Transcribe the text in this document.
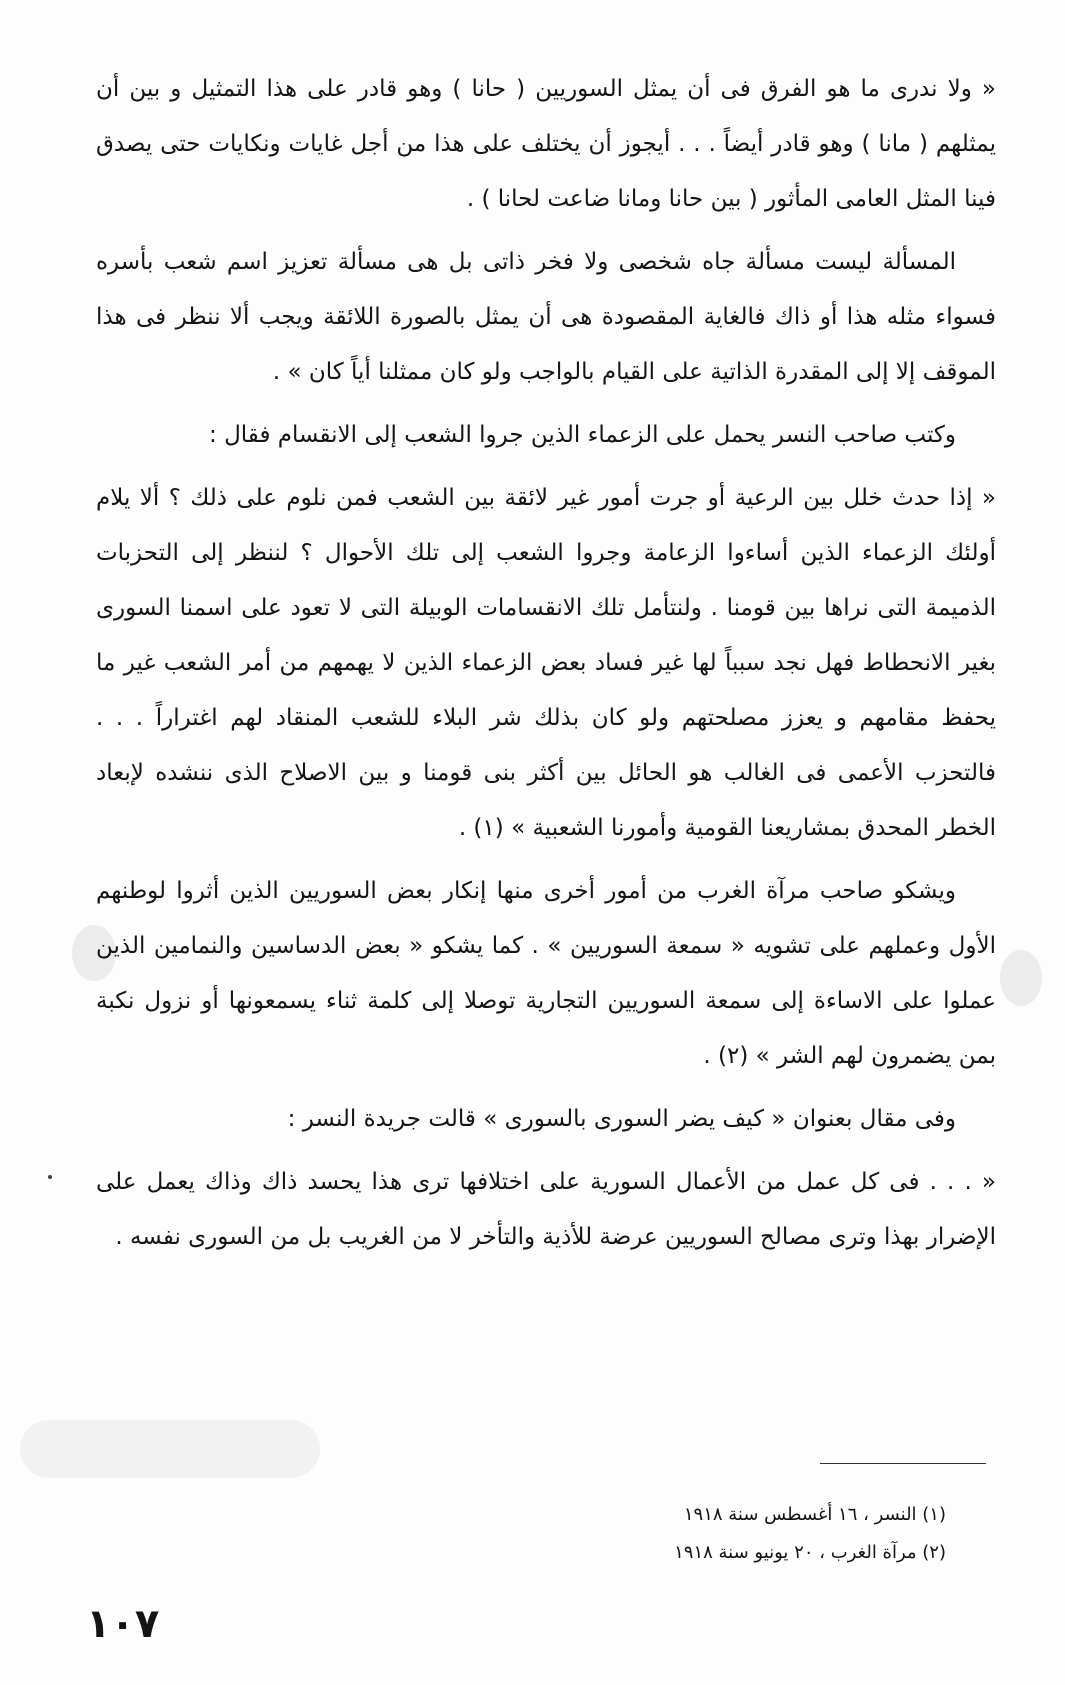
« ولا ندرى ما هو الفرق فى أن يمثل السوريين ( حانا ) وهو قادر على هذا التمثيل و بين أن يمثلهم ( مانا ) وهو قادر أيضاً . . . أيجوز أن يختلف على هذا من أجل غايات ونكايات حتى يصدق فينا المثل العامى المأثور ( بين حانا ومانا ضاعت لحانا ) .

المسألة ليست مسألة جاه شخصى ولا فخر ذاتى بل هى مسألة تعزيز اسم شعب بأسره فسواء مثله هذا أو ذاك فالغاية المقصودة هى أن يمثل بالصورة اللائقة ويجب ألا ننظر فى هذا الموقف إلا إلى المقدرة الذاتية على القيام بالواجب ولو كان ممثلنا أياً كان » .

وكتب صاحب النسر يحمل على الزعماء الذين جروا الشعب إلى الانقسام فقال :

« إذا حدث خلل بين الرعية أو جرت أمور غير لائقة بين الشعب فمن نلوم على ذلك ؟ ألا يلام أولئك الزعماء الذين أساءوا الزعامة وجروا الشعب إلى تلك الأحوال ؟ لننظر إلى التحزبات الذميمة التى نراها بين قومنا . ولنتأمل تلك الانقسامات الوبيلة التى لا تعود على اسمنا السورى بغير الانحطاط فهل نجد سبباً لها غير فساد بعض الزعماء الذين لا يهمهم من أمر الشعب غير ما يحفظ مقامهم و يعزز مصلحتهم ولو كان بذلك شر البلاء للشعب المنقاد لهم اغتراراً . . . فالتحزب الأعمى فى الغالب هو الحائل بين أكثر بنى قومنا و بين الاصلاح الذى ننشده لإبعاد الخطر المحدق بمشاريعنا القومية وأمورنا الشعبية » (١) .

ويشكو صاحب مرآة الغرب من أمور أخرى منها إنكار بعض السوريين الذين أثروا لوطنهم الأول وعملهم على تشويه « سمعة السوريين » . كما يشكو « بعض الدساسين والنمامين الذين عملوا على الاساءة إلى سمعة السوريين التجارية توصلا إلى كلمة ثناء يسمعونها أو نزول نكبة بمن يضمرون لهم الشر » (٢) .

وفى مقال بعنوان « كيف يضر السورى بالسورى » قالت جريدة النسر :

« . . . فى كل عمل من الأعمال السورية على اختلافها ترى هذا يحسد ذاك وذاك يعمل على الإضرار بهذا وترى مصالح السوريين عرضة للأذية والتأخر لا من الغريب بل من السورى نفسه .

(١) النسر ، ١٦ أغسطس سنة ١٩١٨

(٢) مرآة الغرب ، ٢٠ يونيو سنة ١٩١٨

١٠٧
